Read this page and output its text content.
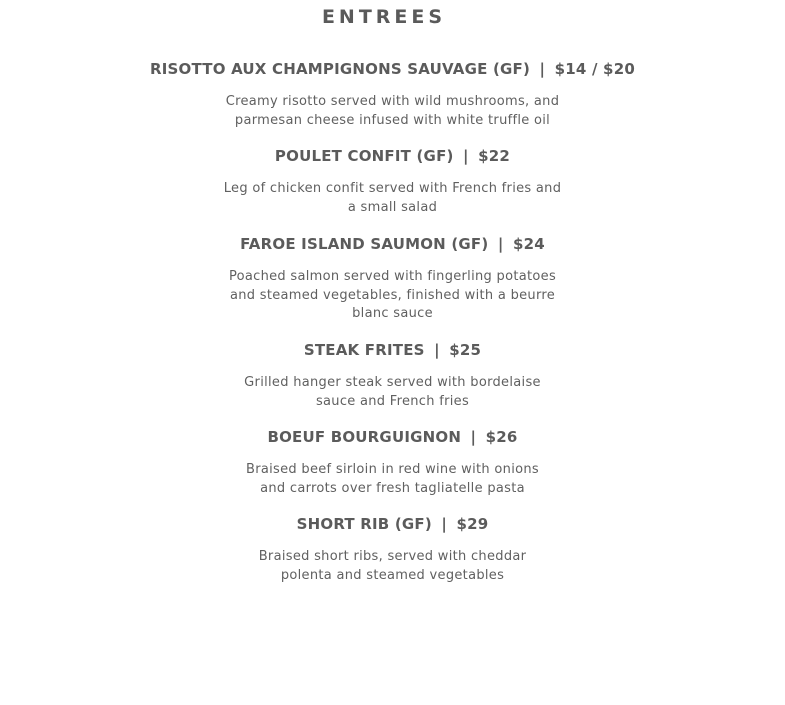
ENTREES
RISOTTO AUX CHAMPIGNONS SAUVAGE (GF) | $14 / $20
Creamy risotto served with wild mushrooms, and
parmesan cheese infused with white truffle oil
POULET CONFIT (GF) | $22
Leg of chicken confit served with French fries and
a small salad
FAROE ISLAND SAUMON (GF) | $24
Poached salmon served with fingerling potatoes
and steamed vegetables, finished with a beurre
blanc sauce
STEAK FRITES | $25
Grilled hanger steak served with bordelaise
sauce and French fries
BOEUF BOURGUIGNON | $26
Braised beef sirloin in red wine with onions
and carrots over fresh tagliatelle pasta
SHORT RIB (GF) | $29
Braised short ribs, served with cheddar
polenta and steamed vegetables
